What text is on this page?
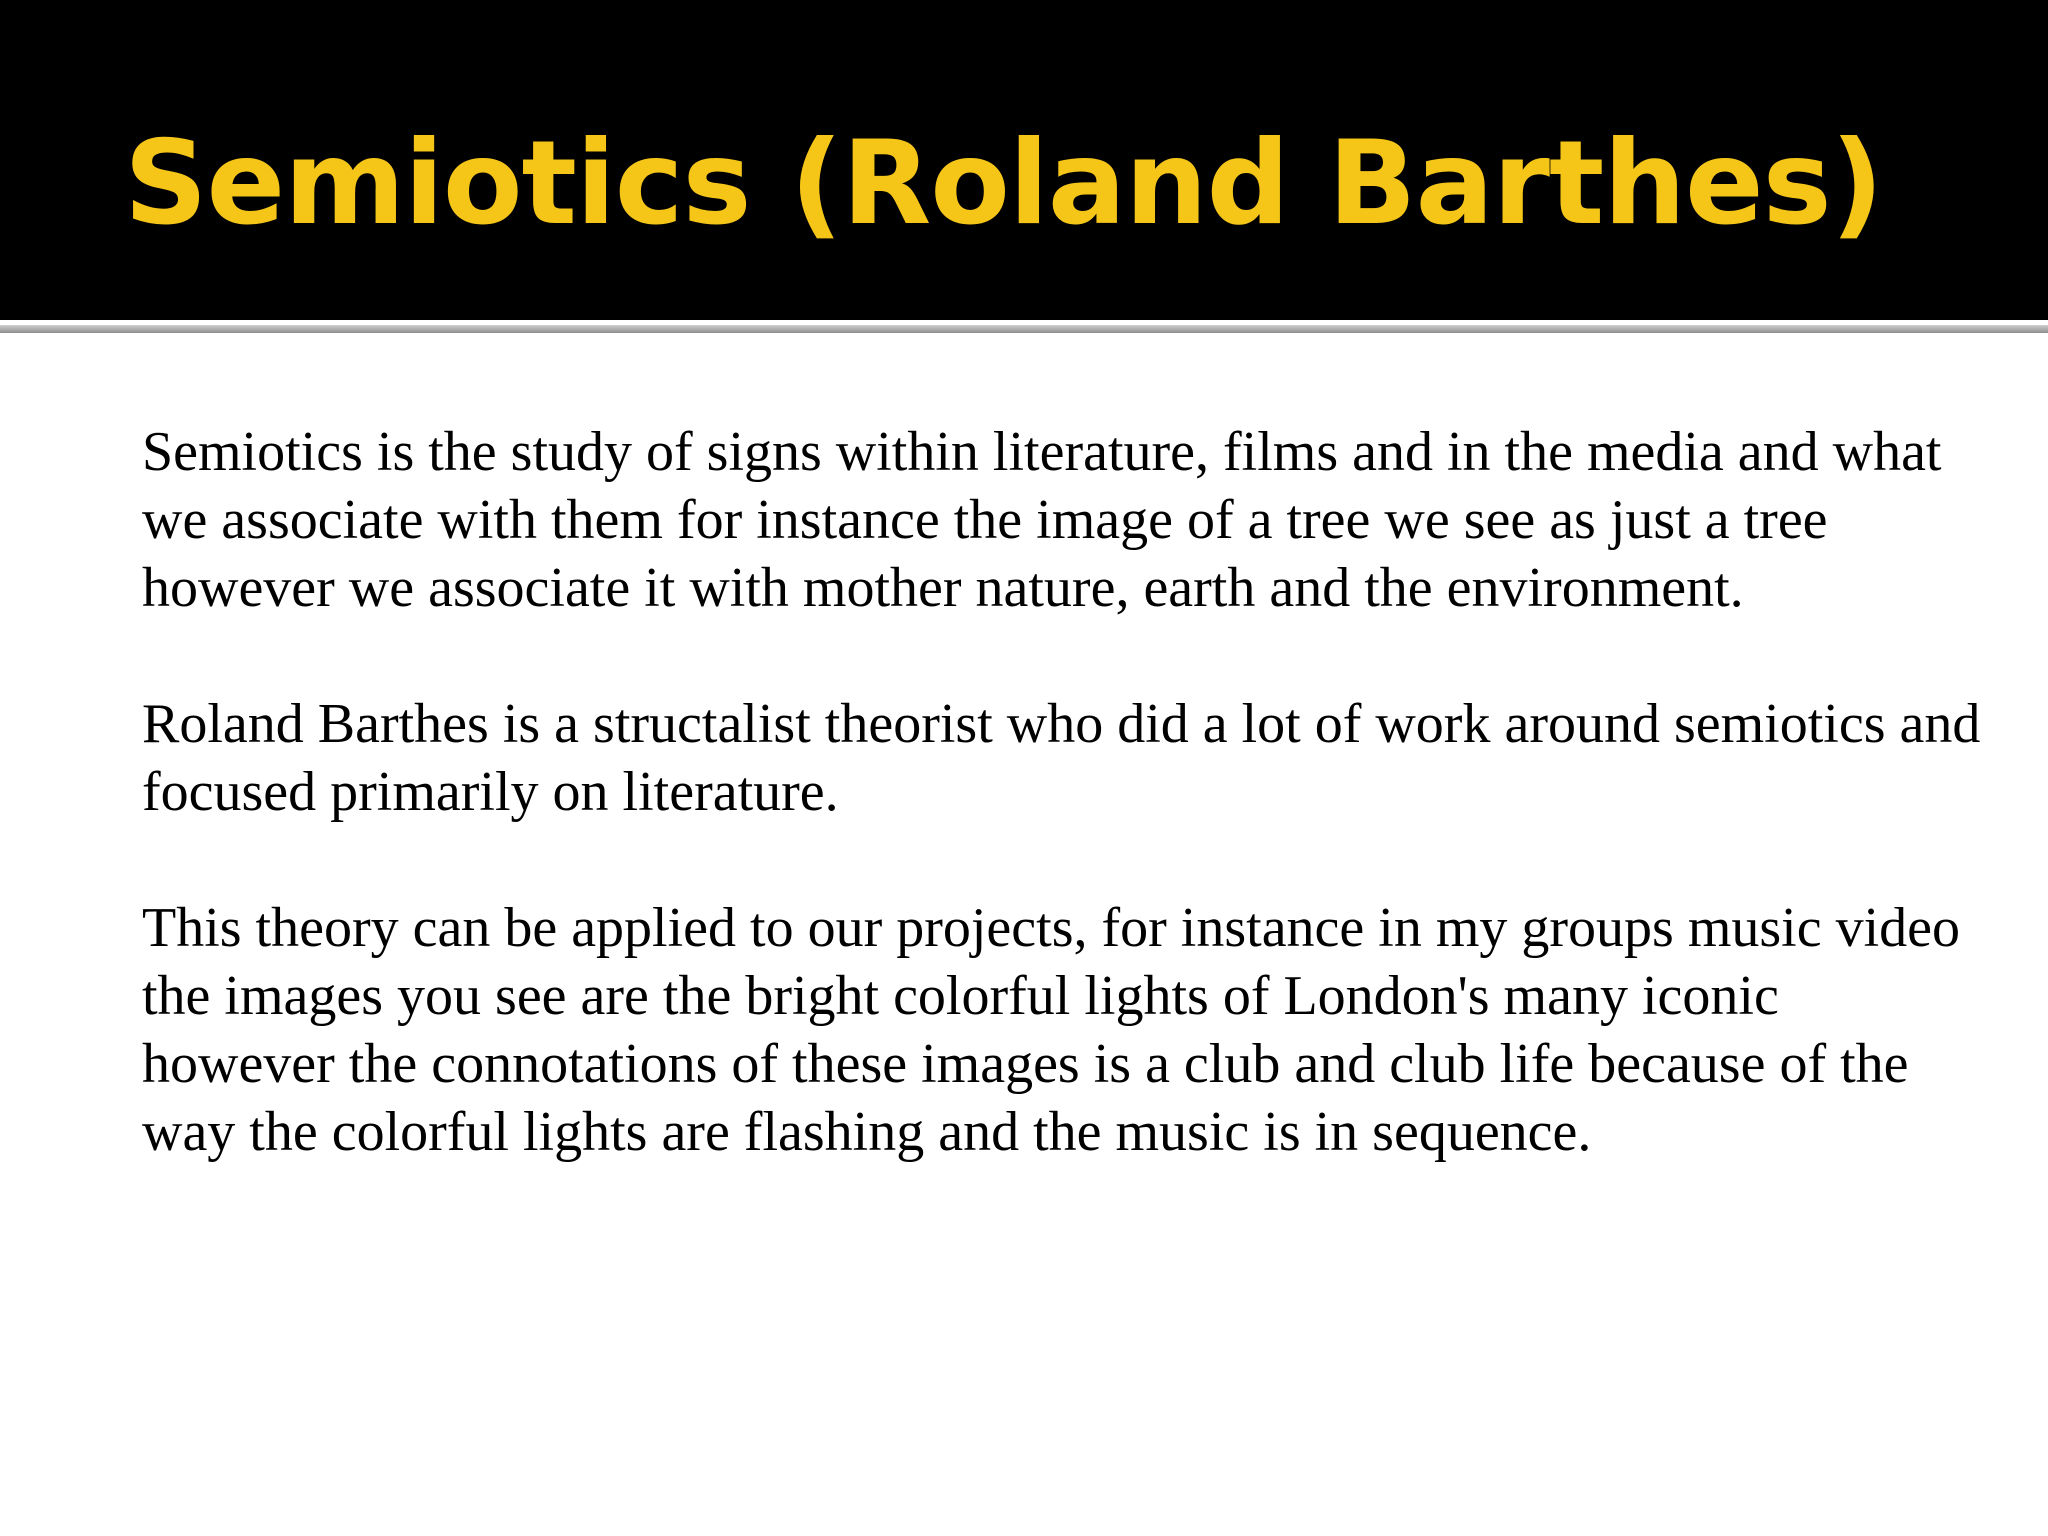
Semiotics (Roland Barthes)

Semiotics is the study of signs within literature, films and in the media and what we associate with them for instance the image of a tree we see as just a tree however we associate it with mother nature, earth and the environment.

Roland Barthes is a structalist theorist who did a lot of work around semiotics and focused primarily on literature.

This theory can be applied to our projects, for instance in my groups music video the images you see are the bright colorful lights of London's many iconic however the connotations of these images is a club and club life because of the way the colorful lights are flashing and the music is in sequence.
